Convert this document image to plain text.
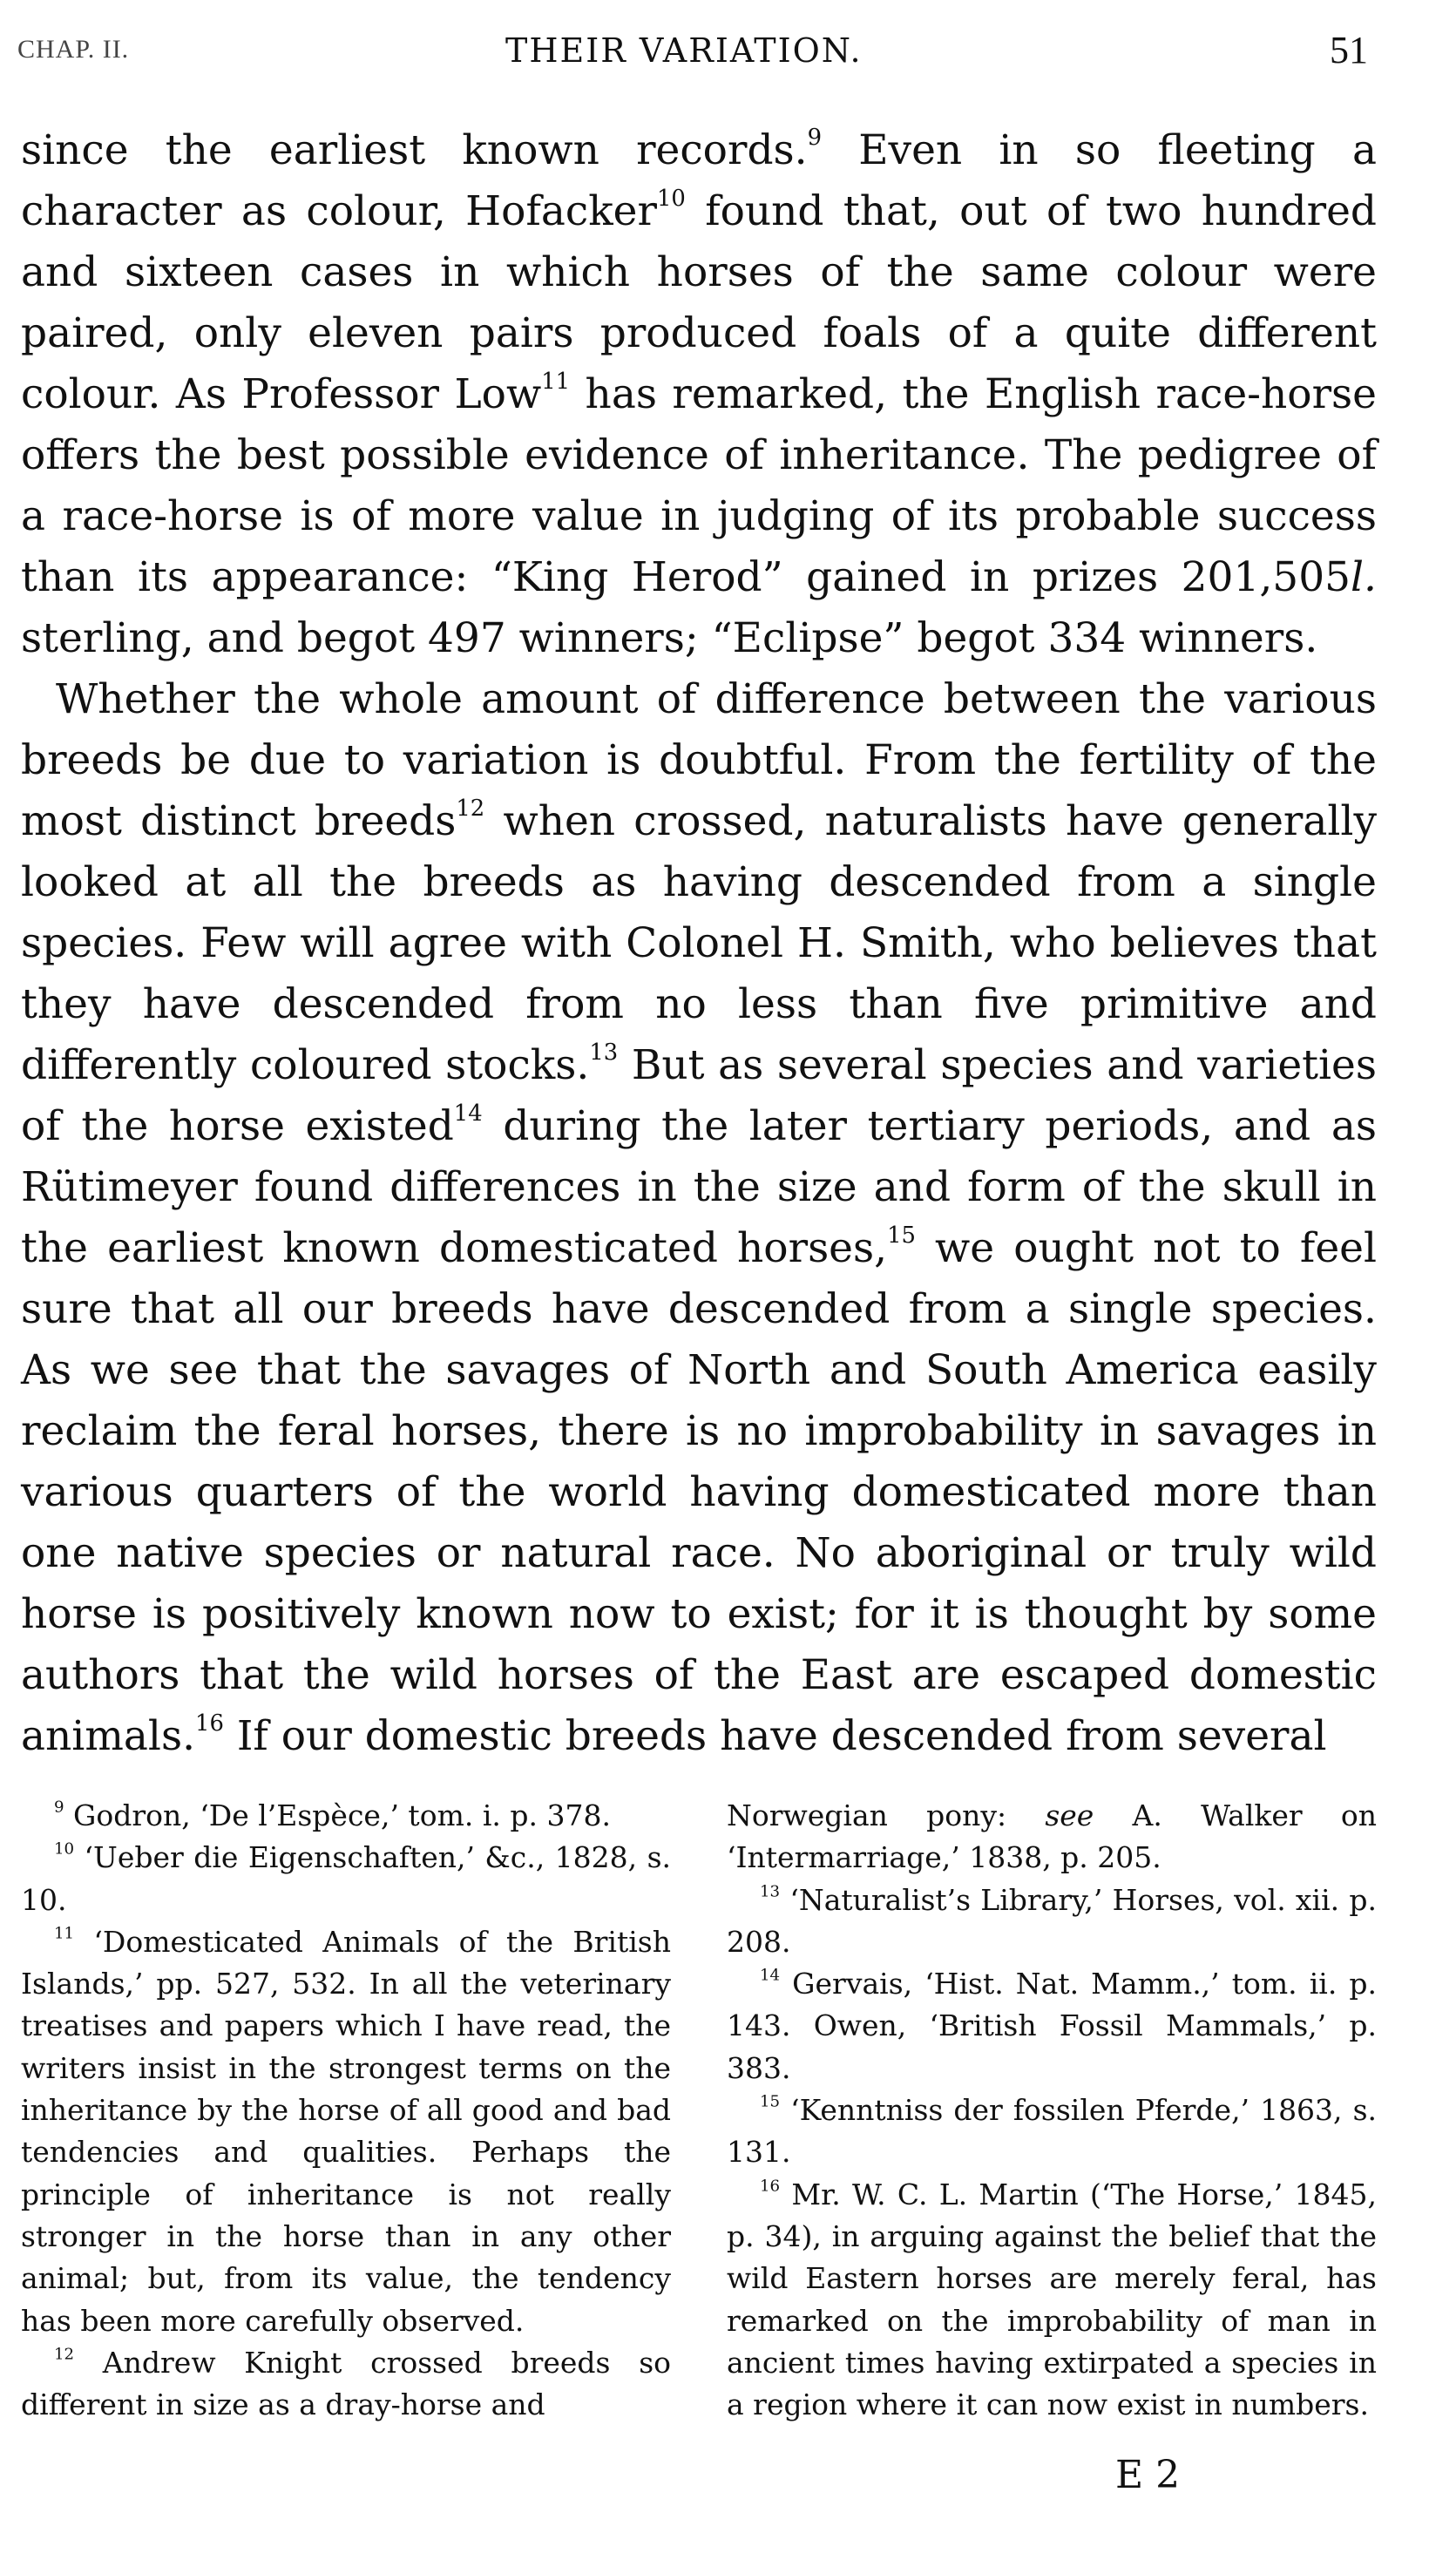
CHAP. II.	THEIR VARIATION.	51

since the earliest known records.$^9$ Even in so fleeting a character as colour, Hofacker$^{10}$ found that, out of two hundred and sixteen cases in which horses of the same colour were paired, only eleven pairs produced foals of a quite different colour. As Professor Low$^{11}$ has remarked, the English race-horse offers the best possible evidence of inheritance. The pedigree of a race-horse is of more value in judging of its probable success than its appearance: “King Herod” gained in prizes 201,505l. sterling, and begot 497 winners; “Eclipse” begot 334 winners.

Whether the whole amount of difference between the various breeds be due to variation is doubtful. From the fertility of the most distinct breeds$^{12}$ when crossed, naturalists have generally looked at all the breeds as having descended from a single species. Few will agree with Colonel H. Smith, who believes that they have descended from no less than five primitive and differently coloured stocks.$^{13}$ But as several species and varieties of the horse existed$^{14}$ during the later tertiary periods, and as Rütimeyer found differences in the size and form of the skull in the earliest known domesticated horses,$^{15}$ we ought not to feel sure that all our breeds have descended from a single species. As we see that the savages of North and South America easily reclaim the feral horses, there is no improbability in savages in various quarters of the world having domesticated more than one native species or natural race. No aboriginal or truly wild horse is positively known now to exist; for it is thought by some authors that the wild horses of the East are escaped domestic animals.$^{16}$ If our domestic breeds have descended from several

$^9$ Godron, ‘De l’Espèce,’ tom. i. p. 378.

$^{10}$ ‘Ueber die Eigenschaften,’ &c., 1828, s. 10.

$^{11}$ ‘Domesticated Animals of the British Islands,’ pp. 527, 532. In all the veterinary treatises and papers which I have read, the writers insist in the strongest terms on the inheritance by the horse of all good and bad tendencies and qualities. Perhaps the principle of inheritance is not really stronger in the horse than in any other animal; but, from its value, the tendency has been more carefully observed.

$^{12}$ Andrew Knight crossed breeds so different in size as a dray-horse and

Norwegian pony: see A. Walker on ‘Intermarriage,’ 1838, p. 205.

$^{13}$ ‘Naturalist’s Library,’ Horses, vol. xii. p. 208.

$^{14}$ Gervais, ‘Hist. Nat. Mamm.,’ tom. ii. p. 143. Owen, ‘British Fossil Mammals,’ p. 383.

$^{15}$ ‘Kenntniss der fossilen Pferde,’ 1863, s. 131.

$^{16}$ Mr. W. C. L. Martin (‘The Horse,’ 1845, p. 34), in arguing against the belief that the wild Eastern horses are merely feral, has remarked on the improbability of man in ancient times having extirpated a species in a region where it can now exist in numbers.

E 2
